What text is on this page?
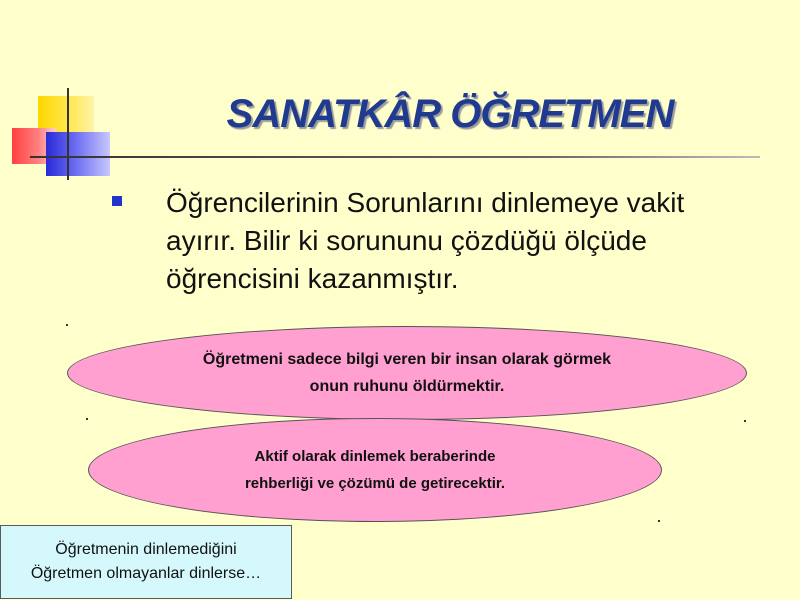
SANATKÂR ÖĞRETMEN
Öğrencilerinin Sorunlarını dinlemeye vakit ayırır. Bilir ki sorununu çözdüğü ölçüde öğrencisini kazanmıştır.
Öğretmeni sadece bilgi veren bir insan olarak görmek
onun ruhunu öldürmektir.
Aktif olarak dinlemek beraberinde
rehberliği ve çözümü de getirecektir.
Öğretmenin dinlemediğini
Öğretmen olmayanlar dinlerse…
